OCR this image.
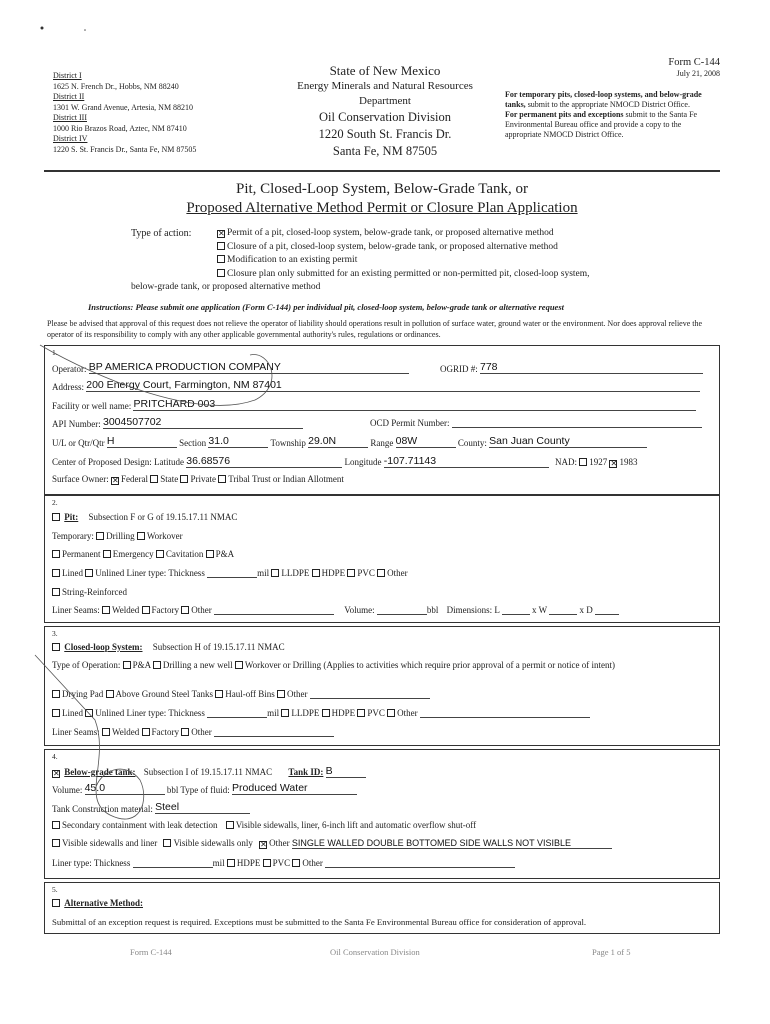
District I
1625 N. French Dr., Hobbs, NM 88240
District II
1301 W. Grand Avenue, Artesia, NM 88210
District III
1000 Rio Brazos Road, Aztec, NM 87410
District IV
1220 S. St. Francis Dr., Santa Fe, NM 87505
State of New Mexico
Energy Minerals and Natural Resources
Department
Oil Conservation Division
1220 South St. Francis Dr.
Santa Fe, NM 87505
Form C-144
July 21, 2008
For temporary pits, closed-loop systems, and below-grade tanks, submit to the appropriate NMOCD District Office.
For permanent pits and exceptions submit to the Santa Fe Environmental Bureau office and provide a copy to the appropriate NMOCD District Office.
Pit, Closed-Loop System, Below-Grade Tank, or
Proposed Alternative Method Permit or Closure Plan Application
Type of action:	✕ Permit of a pit, closed-loop system, below-grade tank, or proposed alternative method
Closure of a pit, closed-loop system, below-grade tank, or proposed alternative method
Modification to an existing permit
Closure plan only submitted for an existing permitted or non-permitted pit, closed-loop system,
below-grade tank, or proposed alternative method
Instructions: Please submit one application (Form C-144) per individual pit, closed-loop system, below-grade tank or alternative request
Please be advised that approval of this request does not relieve the operator of liability should operations result in pollution of surface water, ground water or the environment. Nor does approval relieve the operator of its responsibility to comply with any other applicable governmental authority's rules, regulations or ordinances.
1.
Operator: BP AMERICA PRODUCTION COMPANY	OGRID #: 778
Address: 200 Energy Court, Farmington, NM 87401
Facility or well name: PRITCHARD 003
API Number: 3004507702	OCD Permit Number:
U/L or Qtr/Qtr H	Section 31.0	Township 29.0N	Range 08W	County: San Juan County
Center of Proposed Design: Latitude 36.68576	Longitude -107.71143	NAD: 1927 ✕ 1983
Surface Owner: ✕ Federal State Private Tribal Trust or Indian Allotment
2.
Pit: Subsection F or G of 19.15.17.11 NMAC
Temporary: Drilling Workover
Permanent Emergency Cavitation P&A
Lined Unlined Liner type: Thickness	mil LLDPE HDPE PVC Other
String-Reinforced
Liner Seams: Welded Factory Other	Volume:	bbl Dimensions: L	x W	x D
3.
Closed-loop System: Subsection H of 19.15.17.11 NMAC
Type of Operation: P&A Drilling a new well Workover or Drilling (Applies to activities which require prior approval of a permit or notice of intent)
Drying Pad Above Ground Steel Tanks Haul-off Bins Other
Lined Unlined Liner type: Thickness	mil LLDPE HDPE PVC Other
Liner Seams: Welded Factory Other
4.
✕ Below-grade tank: Subsection I of 19.15.17.11 NMAC Tank ID: B
Volume: 45.0	bbl Type of fluid: Produced Water
Tank Construction material: Steel
Secondary containment with leak detection Visible sidewalls, liner, 6-inch lift and automatic overflow shut-off
Visible sidewalls and liner Visible sidewalls only ✕ Other SINGLE WALLED DOUBLE BOTTOMED SIDE WALLS NOT VISIBLE
Liner type: Thickness	mil HDPE PVC Other
5.
Alternative Method:
Submittal of an exception request is required. Exceptions must be submitted to the Santa Fe Environmental Bureau office for consideration of approval.
Form C-144	Oil Conservation Division	Page 1 of 5
